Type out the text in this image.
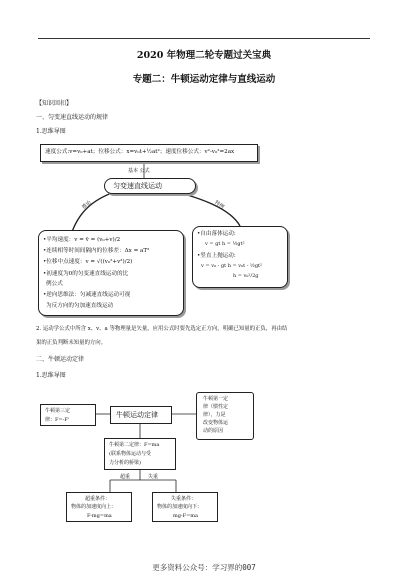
2020 年物理二轮专题过关宝典
专题二：牛顿运动定律与直线运动
【知识回扣】
一、匀变速直线运动的规律
1.思维导图
速度公式:v=v₀+at；位移公式：x=v₀t+½at²；速度位移公式：v²-v₀²=2ax
基本 公式
匀变速直线运动
推论	特例
•平均速度：v = v̄ = (v₀+v)/2
•连续相等时间间隔内的位移差：Δx = aT²
•位移中点速度：v = √((v₀²+v²)/2)
•初速度为0的匀变速直线运动的比
例公式
•逆向思维法：匀减速直线运动可视
为反方向的匀加速直线运动
•自由落体运动:
v = gt h = ½gt²
•竖直上抛运动:
v = v₀ - gt h = v₀t - ½gt²
h = v₀²/2g
2. 运动学公式中所含 x、v、a 等物理量是矢量，应用公式时要先选定正方向，明确已知量的正负，再由结
果的正负判断未知量的方向。
二、牛顿运动定律
1.思维导图
牛顿第三定
律：F=-F'
牛顿运动定律
牛顿第一定
律（惯性定
律），力是
改变物体运
动的原因
牛顿第二定律：F=ma
(联系物体运动与受
力分析的桥梁)
超重	失重
超重条件：
物体的加速度向上：
F-mg=ma
失重条件：
物体的加速度向下：
mg-F=ma
更多资料公众号：学习界的007
